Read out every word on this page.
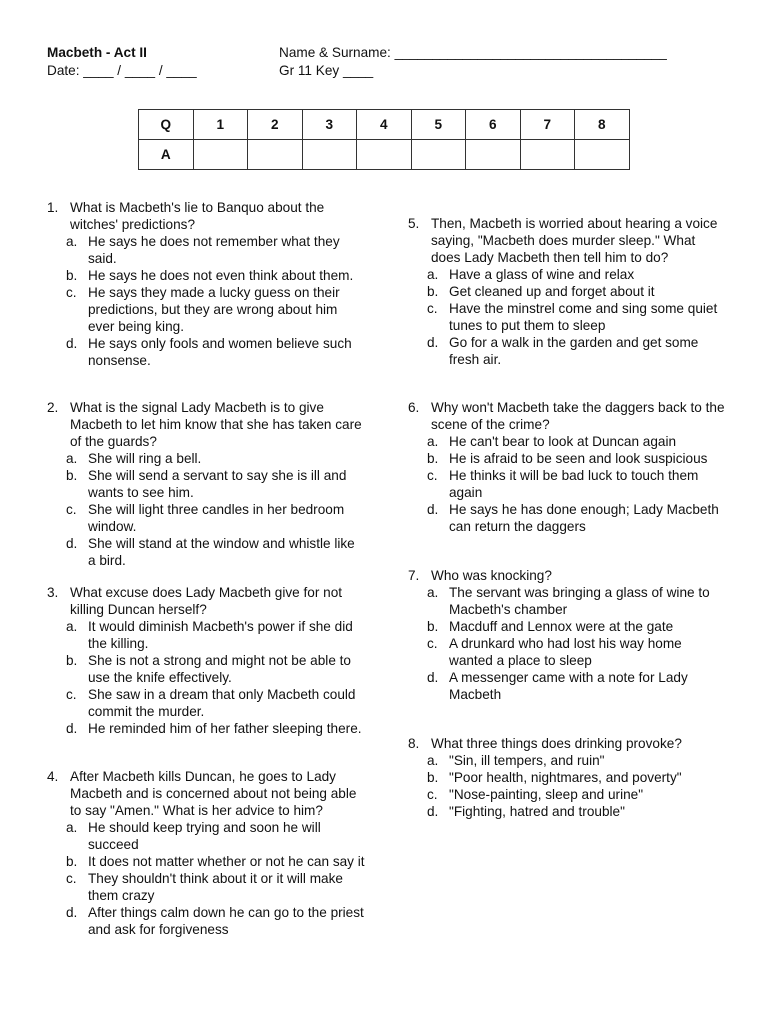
Macbeth - Act II
Date: ____ / ____ / ____
Name & Surname: ____________________________________
Gr 11 Key ____
Q	1	2	3	4	5	6	7	8
A								
1. What is Macbeth's lie to Banquo about the witches' predictions?
a. He says he does not remember what they said.
b. He says he does not even think about them.
c. He says they made a lucky guess on their predictions, but they are wrong about him ever being king.
d. He says only fools and women believe such nonsense.
2. What is the signal Lady Macbeth is to give Macbeth to let him know that she has taken care of the guards?
a. She will ring a bell.
b. She will send a servant to say she is ill and wants to see him.
c. She will light three candles in her bedroom window.
d. She will stand at the window and whistle like a bird.
3. What excuse does Lady Macbeth give for not killing Duncan herself?
a. It would diminish Macbeth's power if she did the killing.
b. She is not a strong and might not be able to use the knife effectively.
c. She saw in a dream that only Macbeth could commit the murder.
d. He reminded him of her father sleeping there.
4. After Macbeth kills Duncan, he goes to Lady Macbeth and is concerned about not being able to say "Amen." What is her advice to him?
a. He should keep trying and soon he will succeed
b. It does not matter whether or not he can say it
c. They shouldn't think about it or it will make them crazy
d. After things calm down he can go to the priest and ask for forgiveness
5. Then, Macbeth is worried about hearing a voice saying, "Macbeth does murder sleep." What does Lady Macbeth then tell him to do?
a. Have a glass of wine and relax
b. Get cleaned up and forget about it
c. Have the minstrel come and sing some quiet tunes to put them to sleep
d. Go for a walk in the garden and get some fresh air.
6. Why won't Macbeth take the daggers back to the scene of the crime?
a. He can't bear to look at Duncan again
b. He is afraid to be seen and look suspicious
c. He thinks it will be bad luck to touch them again
d. He says he has done enough; Lady Macbeth can return the daggers
7. Who was knocking?
a. The servant was bringing a glass of wine to Macbeth's chamber
b. Macduff and Lennox were at the gate
c. A drunkard who had lost his way home wanted a place to sleep
d. A messenger came with a note for Lady Macbeth
8. What three things does drinking provoke?
a. "Sin, ill tempers, and ruin"
b. "Poor health, nightmares, and poverty"
c. "Nose-painting, sleep and urine"
d. "Fighting, hatred and trouble"
